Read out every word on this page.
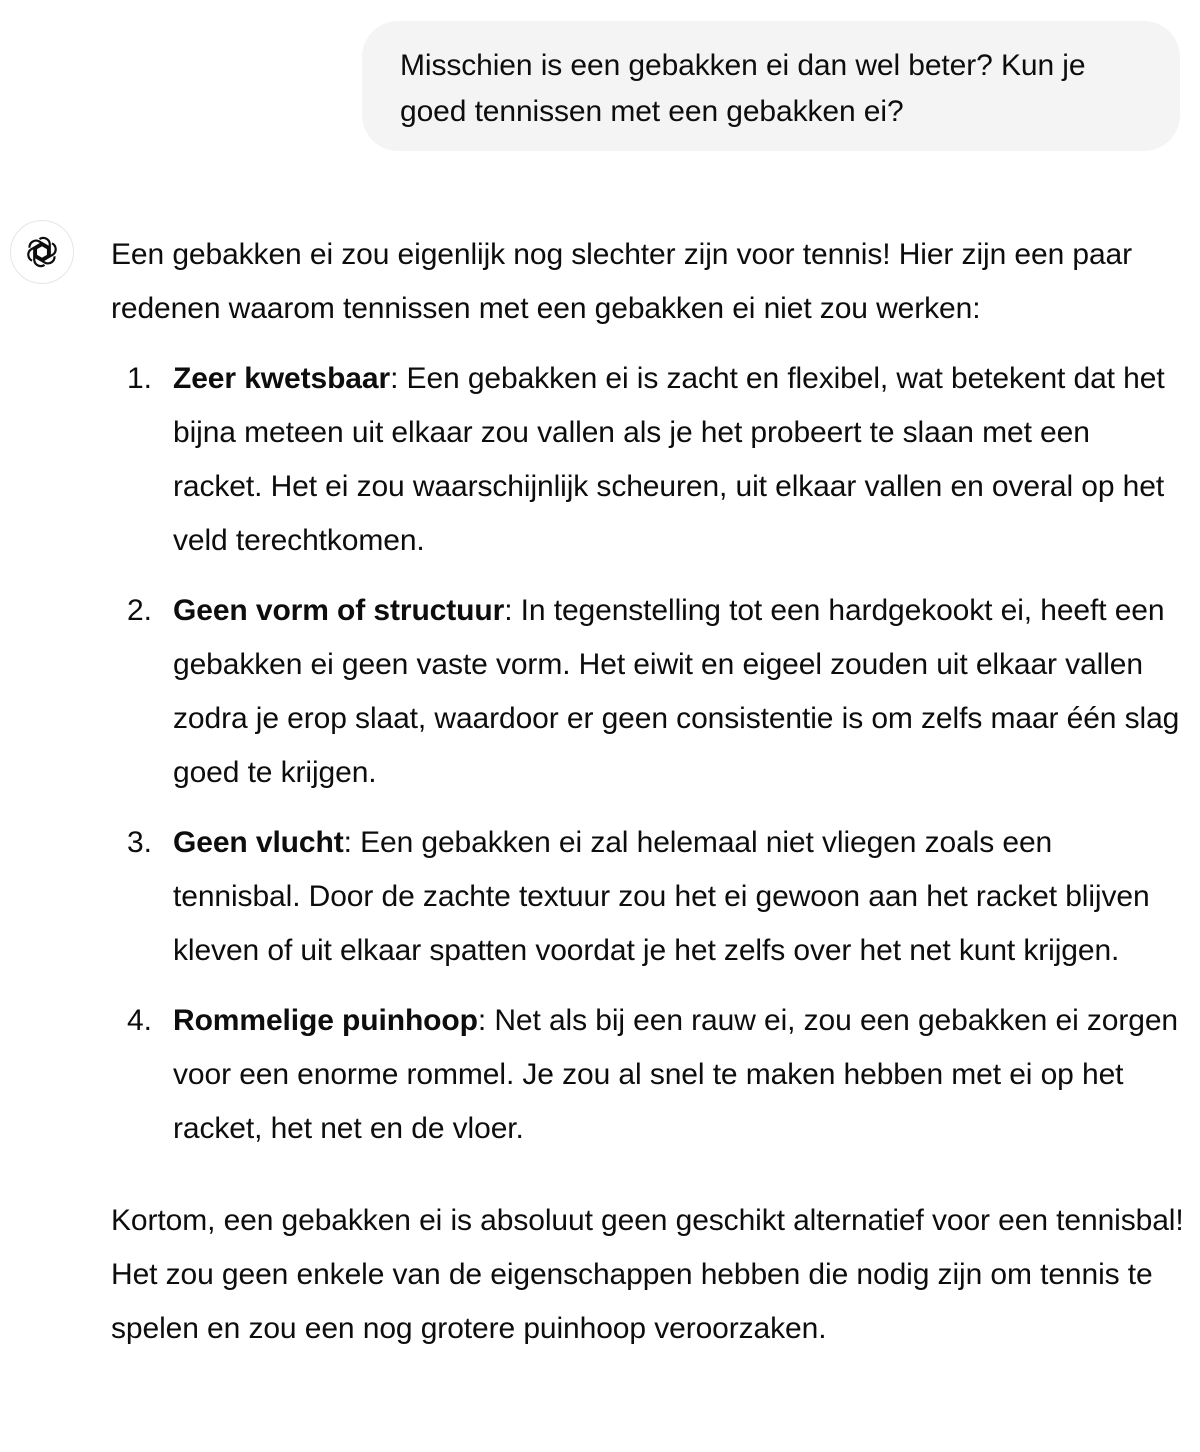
Misschien is een gebakken ei dan wel beter? Kun je goed tennissen met een gebakken ei?

Een gebakken ei zou eigenlijk nog slechter zijn voor tennis! Hier zijn een paar redenen waarom tennissen met een gebakken ei niet zou werken:

1. Zeer kwetsbaar: Een gebakken ei is zacht en flexibel, wat betekent dat het bijna meteen uit elkaar zou vallen als je het probeert te slaan met een racket. Het ei zou waarschijnlijk scheuren, uit elkaar vallen en overal op het veld terechtkomen.
2. Geen vorm of structuur: In tegenstelling tot een hardgekookt ei, heeft een gebakken ei geen vaste vorm. Het eiwit en eigeel zouden uit elkaar vallen zodra je erop slaat, waardoor er geen consistentie is om zelfs maar één slag goed te krijgen.
3. Geen vlucht: Een gebakken ei zal helemaal niet vliegen zoals een tennisbal. Door de zachte textuur zou het ei gewoon aan het racket blijven kleven of uit elkaar spatten voordat je het zelfs over het net kunt krijgen.
4. Rommelige puinhoop: Net als bij een rauw ei, zou een gebakken ei zorgen voor een enorme rommel. Je zou al snel te maken hebben met ei op het racket, het net en de vloer.

Kortom, een gebakken ei is absoluut geen geschikt alternatief voor een tennisbal! Het zou geen enkele van de eigenschappen hebben die nodig zijn om tennis te spelen en zou een nog grotere puinhoop veroorzaken.
